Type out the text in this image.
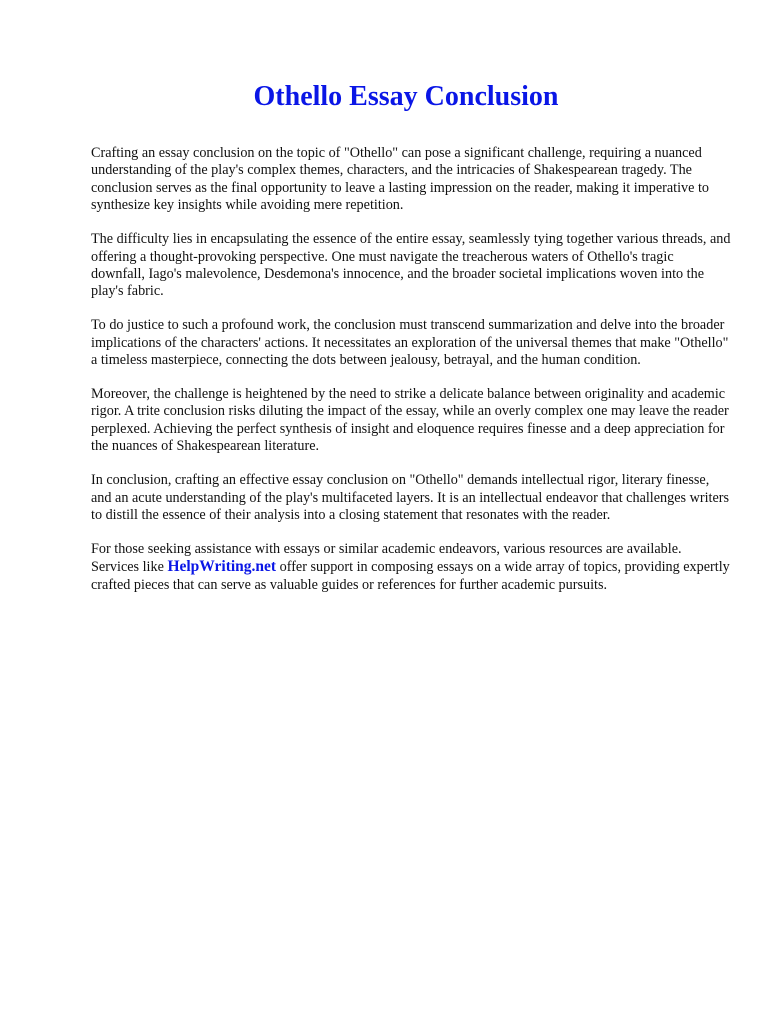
Othello Essay Conclusion

Crafting an essay conclusion on the topic of "Othello" can pose a significant challenge, requiring a nuanced understanding of the play's complex themes, characters, and the intricacies of Shakespearean tragedy. The conclusion serves as the final opportunity to leave a lasting impression on the reader, making it imperative to synthesize key insights while avoiding mere repetition.

The difficulty lies in encapsulating the essence of the entire essay, seamlessly tying together various threads, and offering a thought-provoking perspective. One must navigate the treacherous waters of Othello's tragic downfall, Iago's malevolence, Desdemona's innocence, and the broader societal implications woven into the play's fabric.

To do justice to such a profound work, the conclusion must transcend summarization and delve into the broader implications of the characters' actions. It necessitates an exploration of the universal themes that make "Othello" a timeless masterpiece, connecting the dots between jealousy, betrayal, and the human condition.

Moreover, the challenge is heightened by the need to strike a delicate balance between originality and academic rigor. A trite conclusion risks diluting the impact of the essay, while an overly complex one may leave the reader perplexed. Achieving the perfect synthesis of insight and eloquence requires finesse and a deep appreciation for the nuances of Shakespearean literature.

In conclusion, crafting an effective essay conclusion on "Othello" demands intellectual rigor, literary finesse, and an acute understanding of the play's multifaceted layers. It is an intellectual endeavor that challenges writers to distill the essence of their analysis into a closing statement that resonates with the reader.

For those seeking assistance with essays or similar academic endeavors, various resources are available. Services like HelpWriting.net offer support in composing essays on a wide array of topics, providing expertly crafted pieces that can serve as valuable guides or references for further academic pursuits.
